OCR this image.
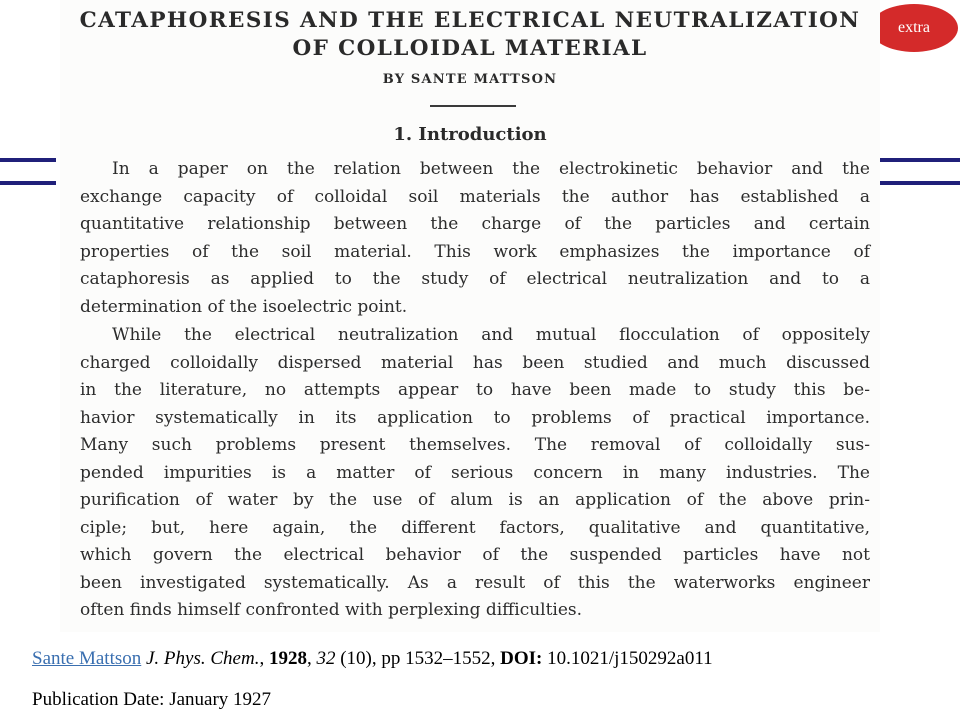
extra
CATAPHORESIS AND THE ELECTRICAL NEUTRALIZATION
OF COLLOIDAL MATERIAL
BY SANTE MATTSON
1. Introduction

In a paper on the relation between the electrokinetic behavior and the
exchange capacity of colloidal soil materials the author has established a
quantitative relationship between the charge of the particles and certain
properties of the soil material. This work emphasizes the importance of
cataphoresis as applied to the study of electrical neutralization and to a
determination of the isoelectric point.

While the electrical neutralization and mutual flocculation of oppositely
charged colloidally dispersed material has been studied and much discussed
in the literature, no attempts appear to have been made to study this be-
havior systematically in its application to problems of practical importance.
Many such problems present themselves. The removal of colloidally sus-
pended impurities is a matter of serious concern in many industries. The
purification of water by the use of alum is an application of the above prin-
ciple; but, here again, the different factors, qualitative and quantitative,
which govern the electrical behavior of the suspended particles have not
been investigated systematically. As a result of this the waterworks engineer
often finds himself confronted with perplexing difficulties.

Sante Mattson J. Phys. Chem., 1928, 32 (10), pp 1532–1552, DOI: 10.1021/j150292a011
Publication Date: January 1927
